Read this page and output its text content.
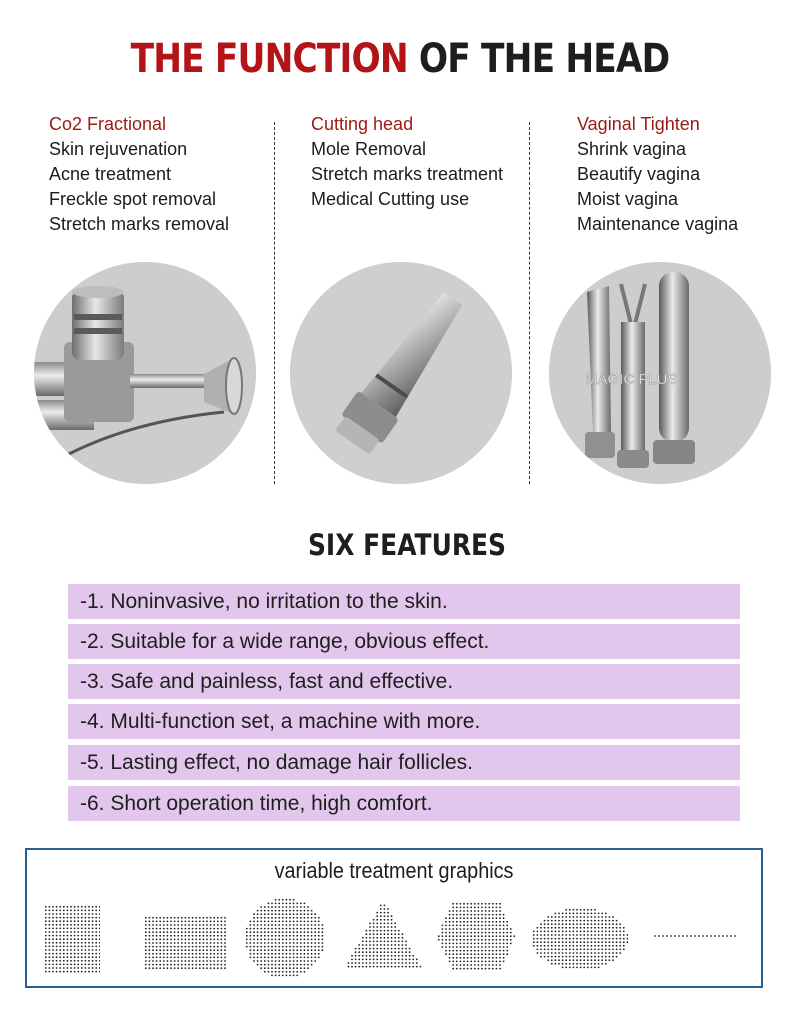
THE FUNCTION OF THE HEAD
Co2 Fractional
Skin rejuvenation
Acne treatment
Freckle spot removal
Stretch marks removal
Cutting head
Mole Removal
Stretch marks treatment
Medical Cutting use
Vaginal Tighten
Shrink vagina
Beautify vagina
Moist vagina
Maintenance vagina
MAGIC PLUS
SIX FEATURES
-1. Noninvasive, no irritation to the skin.
-2. Suitable for a wide range, obvious effect.
-3. Safe and painless, fast and effective.
-4. Multi-function set, a machine with more.
-5. Lasting effect, no damage hair follicles.
-6. Short operation time, high comfort.
variable treatment graphics
